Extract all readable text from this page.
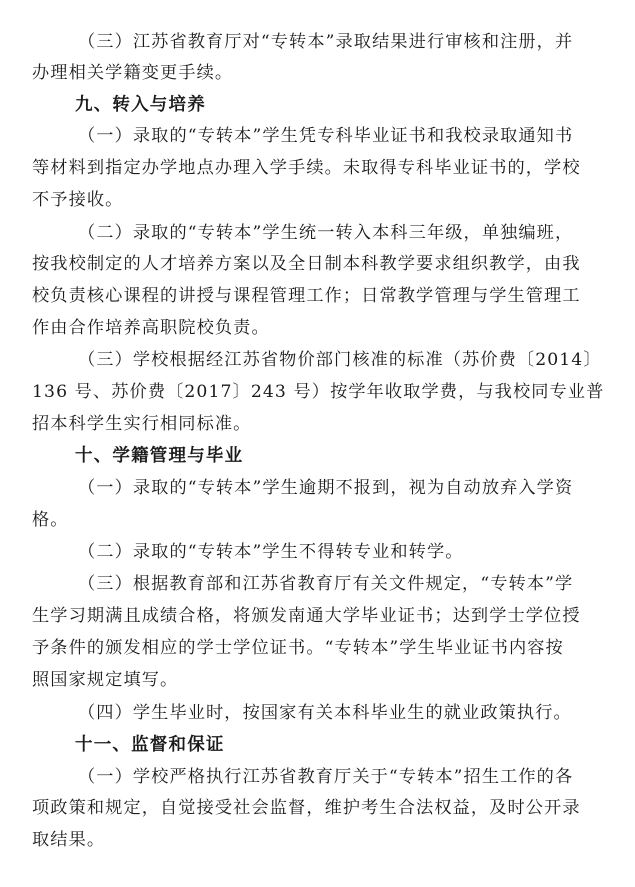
（三）江苏省教育厅对“专转本”录取结果进行审核和注册，并
办理相关学籍变更手续。
九、转入与培养
（一）录取的“专转本”学生凭专科毕业证书和我校录取通知书
等材料到指定办学地点办理入学手续。未取得专科毕业证书的，学校
不予接收。
（二）录取的“专转本”学生统一转入本科三年级，单独编班，
按我校制定的人才培养方案以及全日制本科教学要求组织教学，由我
校负责核心课程的讲授与课程管理工作；日常教学管理与学生管理工
作由合作培养高职院校负责。
（三）学校根据经江苏省物价部门核准的标准（苏价费〔2014〕
136 号、苏价费〔2017〕243 号）按学年收取学费，与我校同专业普
招本科学生实行相同标准。
十、学籍管理与毕业
（一）录取的“专转本”学生逾期不报到，视为自动放弃入学资
格。
（二）录取的“专转本”学生不得转专业和转学。
（三）根据教育部和江苏省教育厅有关文件规定，“专转本”学
生学习期满且成绩合格，将颁发南通大学毕业证书；达到学士学位授
予条件的颁发相应的学士学位证书。“专转本”学生毕业证书内容按
照国家规定填写。
（四）学生毕业时，按国家有关本科毕业生的就业政策执行。
十一、监督和保证
（一）学校严格执行江苏省教育厅关于“专转本”招生工作的各
项政策和规定，自觉接受社会监督，维护考生合法权益，及时公开录
取结果。
